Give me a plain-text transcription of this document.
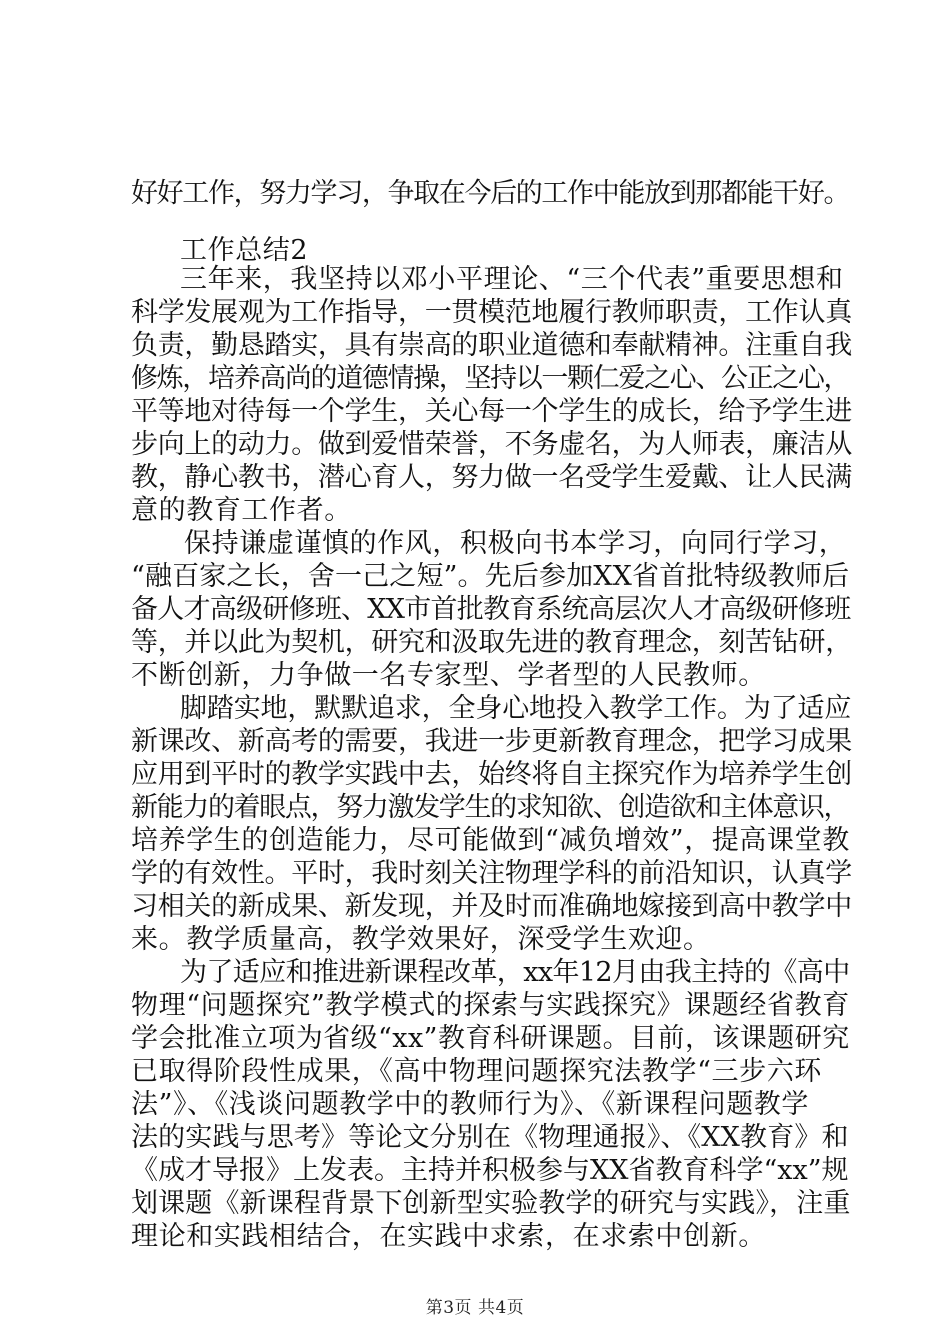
好好工作，努力学习，争取在今后的工作中能放到那都能干好。
工作总结2
三年来，我坚持以邓小平理论、“三个代表”重要思想和
科学发展观为工作指导，一贯模范地履行教师职责，工作认真
负责，勤恳踏实，具有崇高的职业道德和奉献精神。注重自我
修炼，培养高尚的道德情操，坚持以一颗仁爱之心、公正之心，
平等地对待每一个学生，关心每一个学生的成长，给予学生进
步向上的动力。做到爱惜荣誉，不务虚名，为人师表，廉洁从
教，静心教书，潜心育人，努力做一名受学生爱戴、让人民满
意的教育工作者。
保持谦虚谨慎的作风，积极向书本学习，向同行学习，
“融百家之长，舍一己之短”。先后参加XX省首批特级教师后
备人才高级研修班、XX市首批教育系统高层次人才高级研修班
等，并以此为契机，研究和汲取先进的教育理念，刻苦钻研，
不断创新，力争做一名专家型、学者型的人民教师。
脚踏实地，默默追求，全身心地投入教学工作。为了适应
新课改、新高考的需要，我进一步更新教育理念，把学习成果
应用到平时的教学实践中去，始终将自主探究作为培养学生创
新能力的着眼点，努力激发学生的求知欲、创造欲和主体意识，
培养学生的创造能力，尽可能做到“减负增效”，提高课堂教
学的有效性。平时，我时刻关注物理学科的前沿知识，认真学
习相关的新成果、新发现，并及时而准确地嫁接到高中教学中
来。教学质量高，教学效果好，深受学生欢迎。
为了适应和推进新课程改革，xx年12月由我主持的《高中
物理“问题探究”教学模式的探索与实践探究》课题经省教育
学会批准立项为省级“xx”教育科研课题。目前，该课题研究
已取得阶段性成果，《高中物理问题探究法教学“三步六环
法”》、《浅谈问题教学中的教师行为》、《新课程问题教学
法的实践与思考》等论文分别在《物理通报》、《XX教育》和
《成才导报》上发表。主持并积极参与XX省教育科学“xx”规
划课题《新课程背景下创新型实验教学的研究与实践》，注重
理论和实践相结合，在实践中求索，在求索中创新。
第3页 共4页
